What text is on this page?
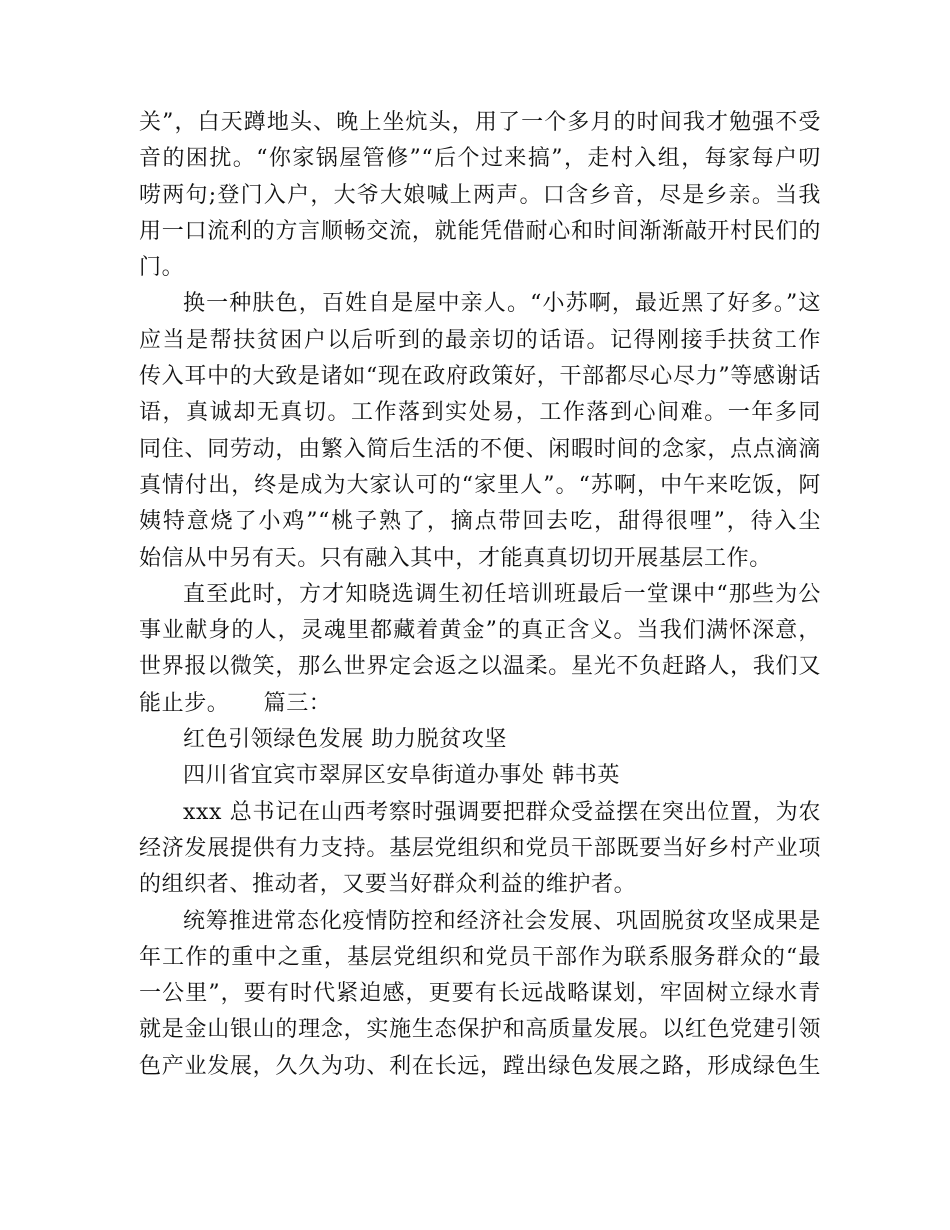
关”，白天蹲地头、晚上坐炕头，用了一个多月的时间我才勉强不受
音的困扰。“你家锅屋管修”“后个过来搞”，走村入组，每家每户叨
唠两句;登门入户，大爷大娘喊上两声。口含乡音，尽是乡亲。当我
用一口流利的方言顺畅交流，就能凭借耐心和时间渐渐敲开村民们的
门。
换一种肤色，百姓自是屋中亲人。“小苏啊，最近黑了好多。”这
应当是帮扶贫困户以后听到的最亲切的话语。记得刚接手扶贫工作
传入耳中的大致是诸如“现在政府政策好，干部都尽心尽力”等感谢话
语，真诚却无真切。工作落到实处易，工作落到心间难。一年多同
同住、同劳动，由繁入简后生活的不便、闲暇时间的念家，点点滴滴
真情付出，终是成为大家认可的“家里人”。“苏啊，中午来吃饭，阿
姨特意烧了小鸡”“桃子熟了，摘点带回去吃，甜得很哩”，待入尘
始信从中另有天。只有融入其中，才能真真切切开展基层工作。
直至此时，方才知晓选调生初任培训班最后一堂课中“那些为公
事业献身的人，灵魂里都藏着黄金”的真正含义。当我们满怀深意，
世界报以微笑，那么世界定会返之以温柔。星光不负赶路人，我们又
能止步。　　篇三：
红色引领绿色发展 助力脱贫攻坚
四川省宜宾市翠屏区安阜街道办事处 韩书英
xxx 总书记在山西考察时强调要把群众受益摆在突出位置，为农
经济发展提供有力支持。基层党组织和党员干部既要当好乡村产业项
的组织者、推动者，又要当好群众利益的维护者。
统筹推进常态化疫情防控和经济社会发展、巩固脱贫攻坚成果是
年工作的重中之重，基层党组织和党员干部作为联系服务群众的“最
一公里”，要有时代紧迫感，更要有长远战略谋划，牢固树立绿水青
就是金山银山的理念，实施生态保护和高质量发展。以红色党建引领
色产业发展，久久为功、利在长远，蹚出绿色发展之路，形成绿色生
